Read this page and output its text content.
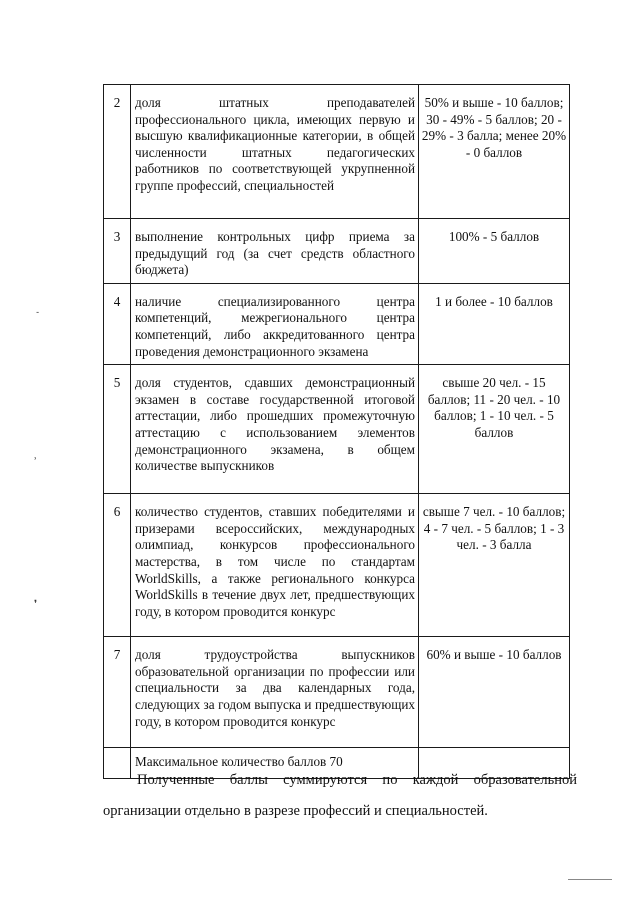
˗
˒
❜
2	доля штатных преподавателей профессионального цикла, имеющих первую и высшую квалификационные категории, в общей численности штатных педагогических работников по соответствующей укрупненной группе профессий, специальностей	50% и выше - 10 баллов; 30 - 49% - 5 баллов; 20 - 29% - 3 балла; менее 20% - 0 баллов
3	выполнение контрольных цифр приема за предыдущий год (за счет средств областного бюджета)	100% - 5 баллов
4	наличие специализированного центра компетенций, межрегионального центра компетенций, либо аккредитованного центра проведения демонстрационного экзамена	1 и более - 10 баллов
5	доля студентов, сдавших демонстрационный экзамен в составе государственной итоговой аттестации, либо прошедших промежуточную аттестацию с использованием элементов демонстрационного экзамена, в общем количестве выпускников	свыше 20 чел. - 15 баллов; 11 - 20 чел. - 10 баллов; 1 - 10 чел. - 5 баллов
6	количество студентов, ставших победителями и призерами всероссийских, международных олимпиад, конкурсов профессионального мастерства, в том числе по стандартам WorldSkills, а также регионального конкурса WorldSkills в течение двух лет, предшествующих году, в котором проводится конкурс	свыше 7 чел. - 10 баллов; 4 - 7 чел. - 5 баллов; 1 - 3 чел. - 3 балла
7	доля трудоустройства выпускников образовательной организации по профессии или специальности за два календарных года, следующих за годом выпуска и предшествующих году, в котором проводится конкурс	60% и выше - 10 баллов
	Максимальное количество баллов 70	

Полученные баллы суммируются по каждой образовательной организации отдельно в разрезе профессий и специальностей.
